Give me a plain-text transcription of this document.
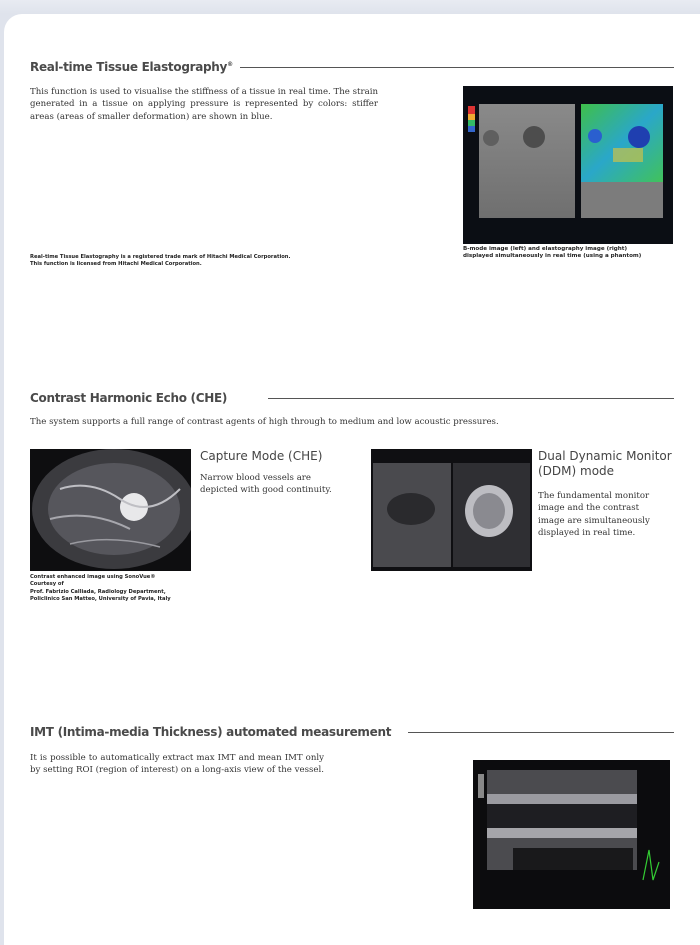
Real-time Tissue Elastography®
This function is used to visualise the stiffness of a tissue in real time. The strain generated in a tissue on applying pressure is represented by colors: stiffer areas (areas of smaller deformation) are shown in blue.
Real-time Tissue Elastography is a registered trade mark of Hitachi Medical Corporation.
This function is licensed from Hitachi Medical Corporation.
B-mode image (left) and elastography image (right)
displayed simultaneously in real time (using a phantom)
Contrast Harmonic Echo (CHE)
The system supports a full range of contrast agents of high through to medium and low acoustic pressures.
Contrast enhanced image using SonoVue®
Courtesy of
Prof. Fabrizio Calliada, Radiology Department,
Policlinico San Matteo, University of Pavia, Italy
Capture Mode (CHE)
Narrow blood vessels are depicted with good continuity.
Dual Dynamic Monitor
(DDM) mode
The fundamental monitor image and the contrast image are simultaneously displayed in real time.
IMT (Intima-media Thickness) automated measurement
It is possible to automatically extract max IMT and mean IMT only by setting ROI (region of interest) on a long-axis view of the vessel.
